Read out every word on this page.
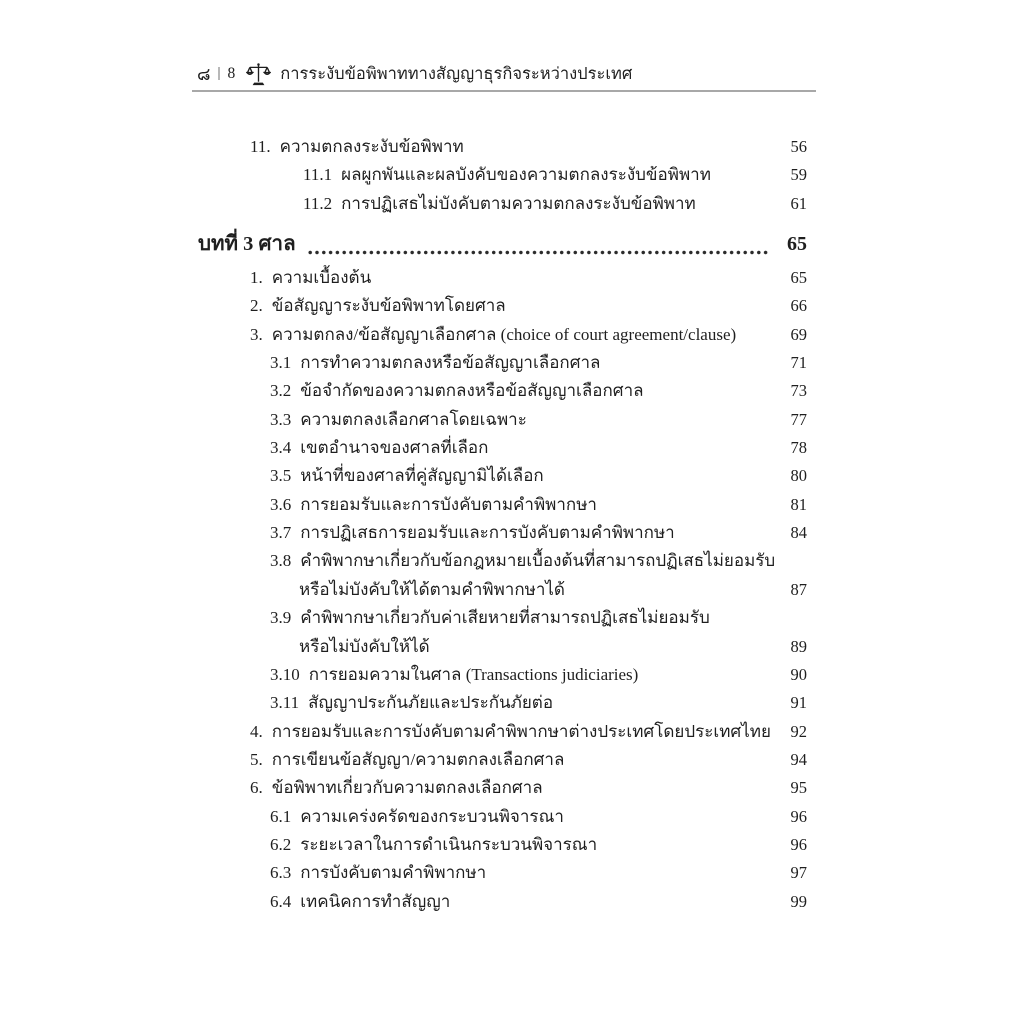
๘ | 8	การระงับข้อพิพาททางสัญญาธุรกิจระหว่างประเทศ
11. ความตกลงระงับข้อพิพาท	56
11.1 ผลผูกพันและผลบังคับของความตกลงระงับข้อพิพาท	59
11.2 การปฏิเสธไม่บังคับตามความตกลงระงับข้อพิพาท	61
บทที่ 3 ศาล	65
1. ความเบื้องต้น	65
2. ข้อสัญญาระงับข้อพิพาทโดยศาล	66
3. ความตกลง/ข้อสัญญาเลือกศาล (choice of court agreement/clause)	69
3.1 การทำความตกลงหรือข้อสัญญาเลือกศาล	71
3.2 ข้อจำกัดของความตกลงหรือข้อสัญญาเลือกศาล	73
3.3 ความตกลงเลือกศาลโดยเฉพาะ	77
3.4 เขตอำนาจของศาลที่เลือก	78
3.5 หน้าที่ของศาลที่คู่สัญญามิได้เลือก	80
3.6 การยอมรับและการบังคับตามคำพิพากษา	81
3.7 การปฏิเสธการยอมรับและการบังคับตามคำพิพากษา	84
3.8 คำพิพากษาเกี่ยวกับข้อกฎหมายเบื้องต้นที่สามารถปฏิเสธไม่ยอมรับ
หรือไม่บังคับให้ได้ตามคำพิพากษาได้	87
3.9 คำพิพากษาเกี่ยวกับค่าเสียหายที่สามารถปฏิเสธไม่ยอมรับ
หรือไม่บังคับให้ได้	89
3.10 การยอมความในศาล (Transactions judiciaries)	90
3.11 สัญญาประกันภัยและประกันภัยต่อ	91
4. การยอมรับและการบังคับตามคำพิพากษาต่างประเทศโดยประเทศไทย	92
5. การเขียนข้อสัญญา/ความตกลงเลือกศาล	94
6. ข้อพิพาทเกี่ยวกับความตกลงเลือกศาล	95
6.1 ความเคร่งครัดของกระบวนพิจารณา	96
6.2 ระยะเวลาในการดำเนินกระบวนพิจารณา	96
6.3 การบังคับตามคำพิพากษา	97
6.4 เทคนิคการทำสัญญา	99
